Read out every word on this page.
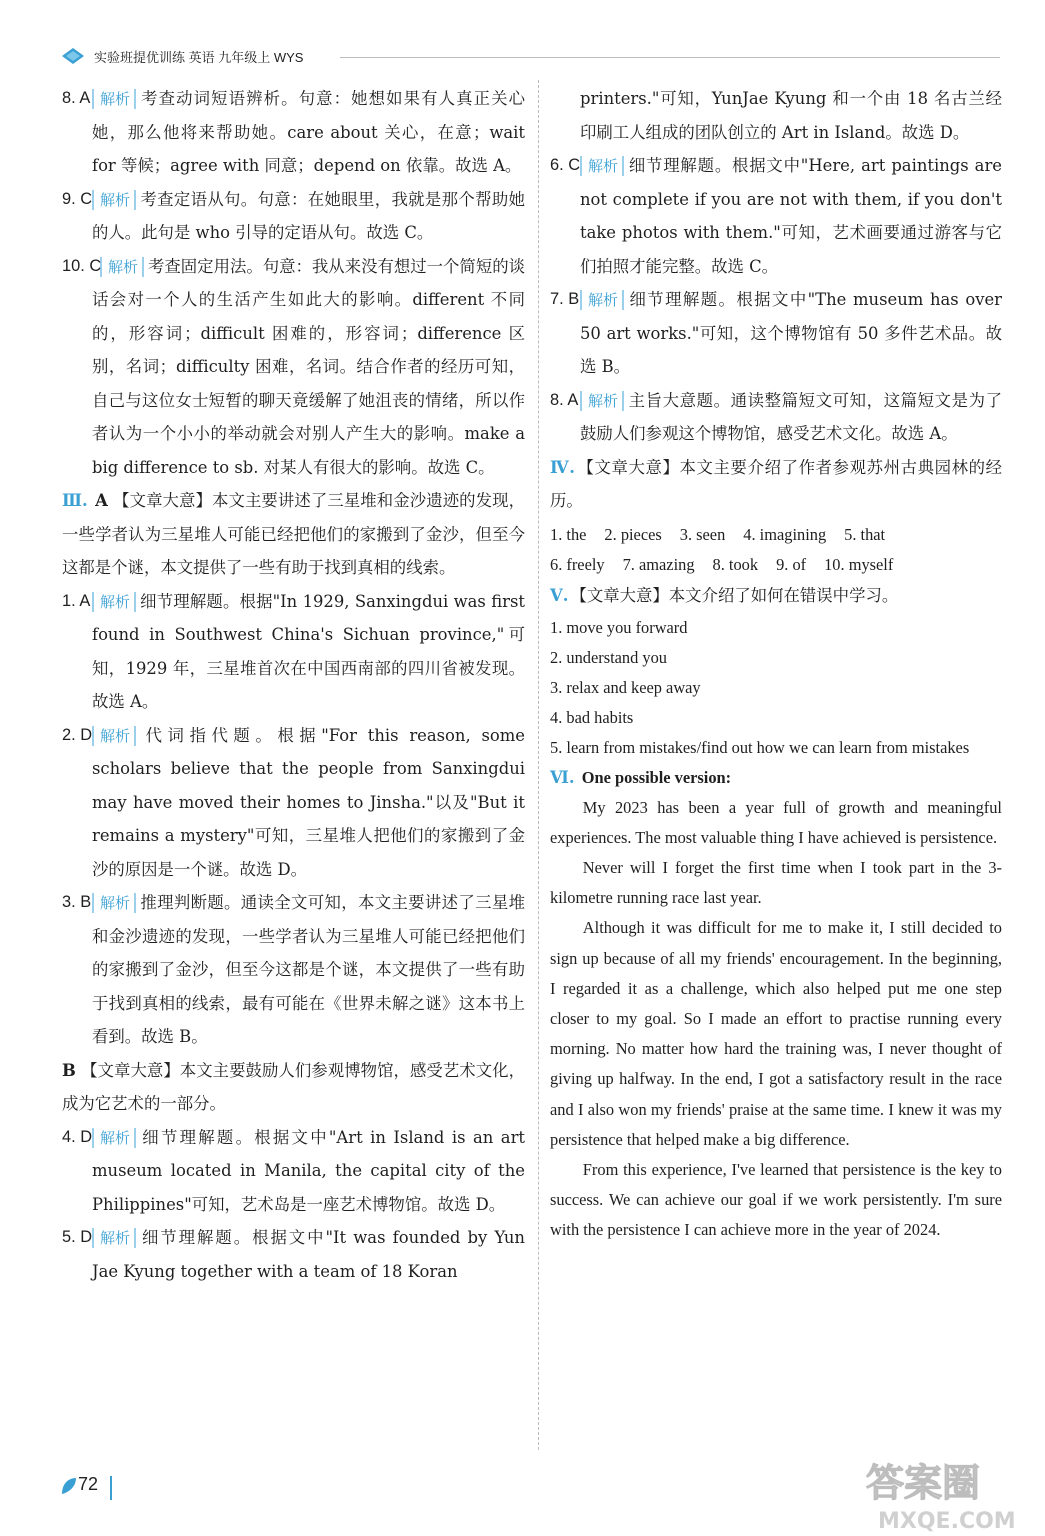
实验班提优训练 英语 九年级上 WYS

8. A 解析 考查动词短语辨析。句意：她想如果有人真正关心她，那么他将来帮助她。care about 关心，在意；wait for 等候；agree with 同意；depend on 依靠。故选 A。

9. C 解析 考查定语从句。句意：在她眼里，我就是那个帮助她的人。此句是 who 引导的定语从句。故选 C。

10. C 解析 考查固定用法。句意：我从来没有想过一个简短的谈话会对一个人的生活产生如此大的影响。different 不同的，形容词；difficult 困难的，形容词；difference 区别，名词；difficulty 困难，名词。结合作者的经历可知，自己与这位女士短暂的聊天竟缓解了她沮丧的情绪，所以作者认为一个小小的举动就会对别人产生大的影响。make a big difference to sb. 对某人有很大的影响。故选 C。

Ⅲ. A 【文章大意】本文主要讲述了三星堆和金沙遗迹的发现，一些学者认为三星堆人可能已经把他们的家搬到了金沙，但至今这都是个谜，本文提供了一些有助于找到真相的线索。

1. A 解析 细节理解题。根据"In 1929, Sanxingdui was first found in Southwest China's Sichuan province,"可知，1929 年，三星堆首次在中国西南部的四川省被发现。故选 A。

2. D 解析 代词指代题。根据"For this reason, some scholars believe that the people from Sanxingdui may have moved their homes to Jinsha."以及"But it remains a mystery"可知，三星堆人把他们的家搬到了金沙的原因是一个谜。故选 D。

3. B 解析 推理判断题。通读全文可知，本文主要讲述了三星堆和金沙遗迹的发现，一些学者认为三星堆人可能已经把他们的家搬到了金沙，但至今这都是个谜，本文提供了一些有助于找到真相的线索，最有可能在《世界未解之谜》这本书上看到。故选 B。

B 【文章大意】本文主要鼓励人们参观博物馆，感受艺术文化，成为它艺术的一部分。

4. D 解析 细节理解题。根据文中"Art in Island is an art museum located in Manila, the capital city of the Philippines"可知，艺术岛是一座艺术博物馆。故选 D。

5. D 解析 细节理解题。根据文中"It was founded by Yun Jae Kyung together with a team of 18 Koran

printers."可知，YunJae Kyung 和一个由 18 名古兰经印刷工人组成的团队创立的 Art in Island。故选 D。

6. C 解析 细节理解题。根据文中"Here, art paintings are not complete if you are not with them, if you don't take photos with them."可知，艺术画要通过游客与它们拍照才能完整。故选 C。

7. B 解析 细节理解题。根据文中"The museum has over 50 art works."可知，这个博物馆有 50 多件艺术品。故选 B。

8. A 解析 主旨大意题。通读整篇短文可知，这篇短文是为了鼓励人们参观这个博物馆，感受艺术文化。故选 A。

Ⅳ. 【文章大意】本文主要介绍了作者参观苏州古典园林的经历。

1. the 2. pieces 3. seen 4. imagining 5. that

6. freely 7. amazing 8. took 9. of 10. myself

Ⅴ. 【文章大意】本文介绍了如何在错误中学习。

1. move you forward

2. understand you

3. relax and keep away

4. bad habits

5. learn from mistakes/find out how we can learn from mistakes

Ⅵ. One possible version:

My 2023 has been a year full of growth and meaningful experiences. The most valuable thing I have achieved is persistence.

Never will I forget the first time when I took part in the 3-kilometre running race last year.

Although it was difficult for me to make it, I still decided to sign up because of all my friends' encouragement. In the beginning, I regarded it as a challenge, which also helped put me one step closer to my goal. So I made an effort to practise running every morning. No matter how hard the training was, I never thought of giving up halfway. In the end, I got a satisfactory result in the race and I also won my friends' praise at the same time. I knew it was my persistence that helped make a big difference.

From this experience, I've learned that persistence is the key to success. We can achieve our goal if we work persistently. I'm sure with the persistence I can achieve more in the year of 2024.

72	答案圈
MXQE.COM
